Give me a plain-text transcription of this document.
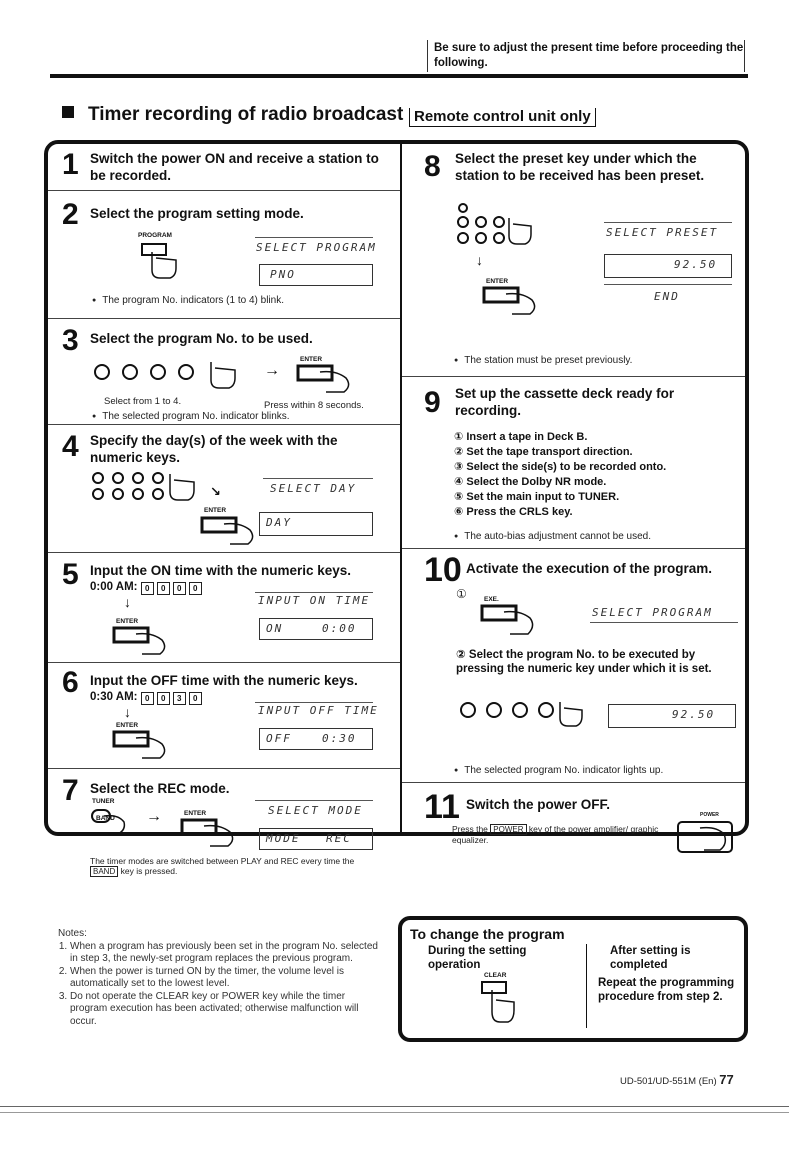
Be sure to adjust the present time before proceeding the following.
Timer recording of radio broadcast Remote control unit only
1 Switch the power ON and receive a station to be recorded.
2 Select the program setting mode.
PROGRAM
SELECT PROGRAM
PNO
● The program No. indicators (1 to 4) blink.
3 Select the program No. to be used.
→
ENTER
Select from 1 to 4.	Press within 8 seconds.
● The selected program No. indicator blinks.
4 Specify the day(s) of the week with the numeric keys.
↘
ENTER
SELECT DAY
DAY
5 Input the ON time with the numeric keys.
0:00 AM: 0 0 0 0
↓
ENTER
INPUT ON TIME
ON	0:00
6 Input the OFF time with the numeric keys.
0:30 AM: 0 0 3 0
↓
ENTER
INPUT OFF TIME
OFF	0:30
7 Select the REC mode.
TUNER
BAND →	ENTER	SELECT MODE
MODE REC
The timer modes are switched between PLAY and REC every time the BAND key is pressed.
8 Select the preset key under which the station to be received has been preset.
↓
ENTER
SELECT PRESET
92.50
END
● The station must be preset previously.
9 Set up the cassette deck ready for recording.
① Insert a tape in Deck B.
② Set the tape transport direction.
③ Select the side(s) to be recorded onto.
④ Select the Dolby NR mode.
⑤ Set the main input to TUNER.
⑥ Press the CRLS key.
● The auto-bias adjustment cannot be used.
10 Activate the execution of the program.
①	EXE.
SELECT PROGRAM
② Select the program No. to be executed by pressing the numeric key under which it is set.
92.50
● The selected program No. indicator lights up.
11 Switch the power OFF.
POWER
Press the POWER key of the power amplifier/ graphic equalizer.
Notes:
1. When a program has previously been set in the program No. selected in step 3, the newly-set program replaces the previous program.
2. When the power is turned ON by the timer, the volume level is automatically set to the lowest level.
3. Do not operate the CLEAR key or POWER key while the timer program execution has been activated; otherwise malfunction will occur.
To change the program
During the setting operation
CLEAR
After setting is completed
Repeat the programming procedure from step 2.
UD-501/UD-551M (En) 77
